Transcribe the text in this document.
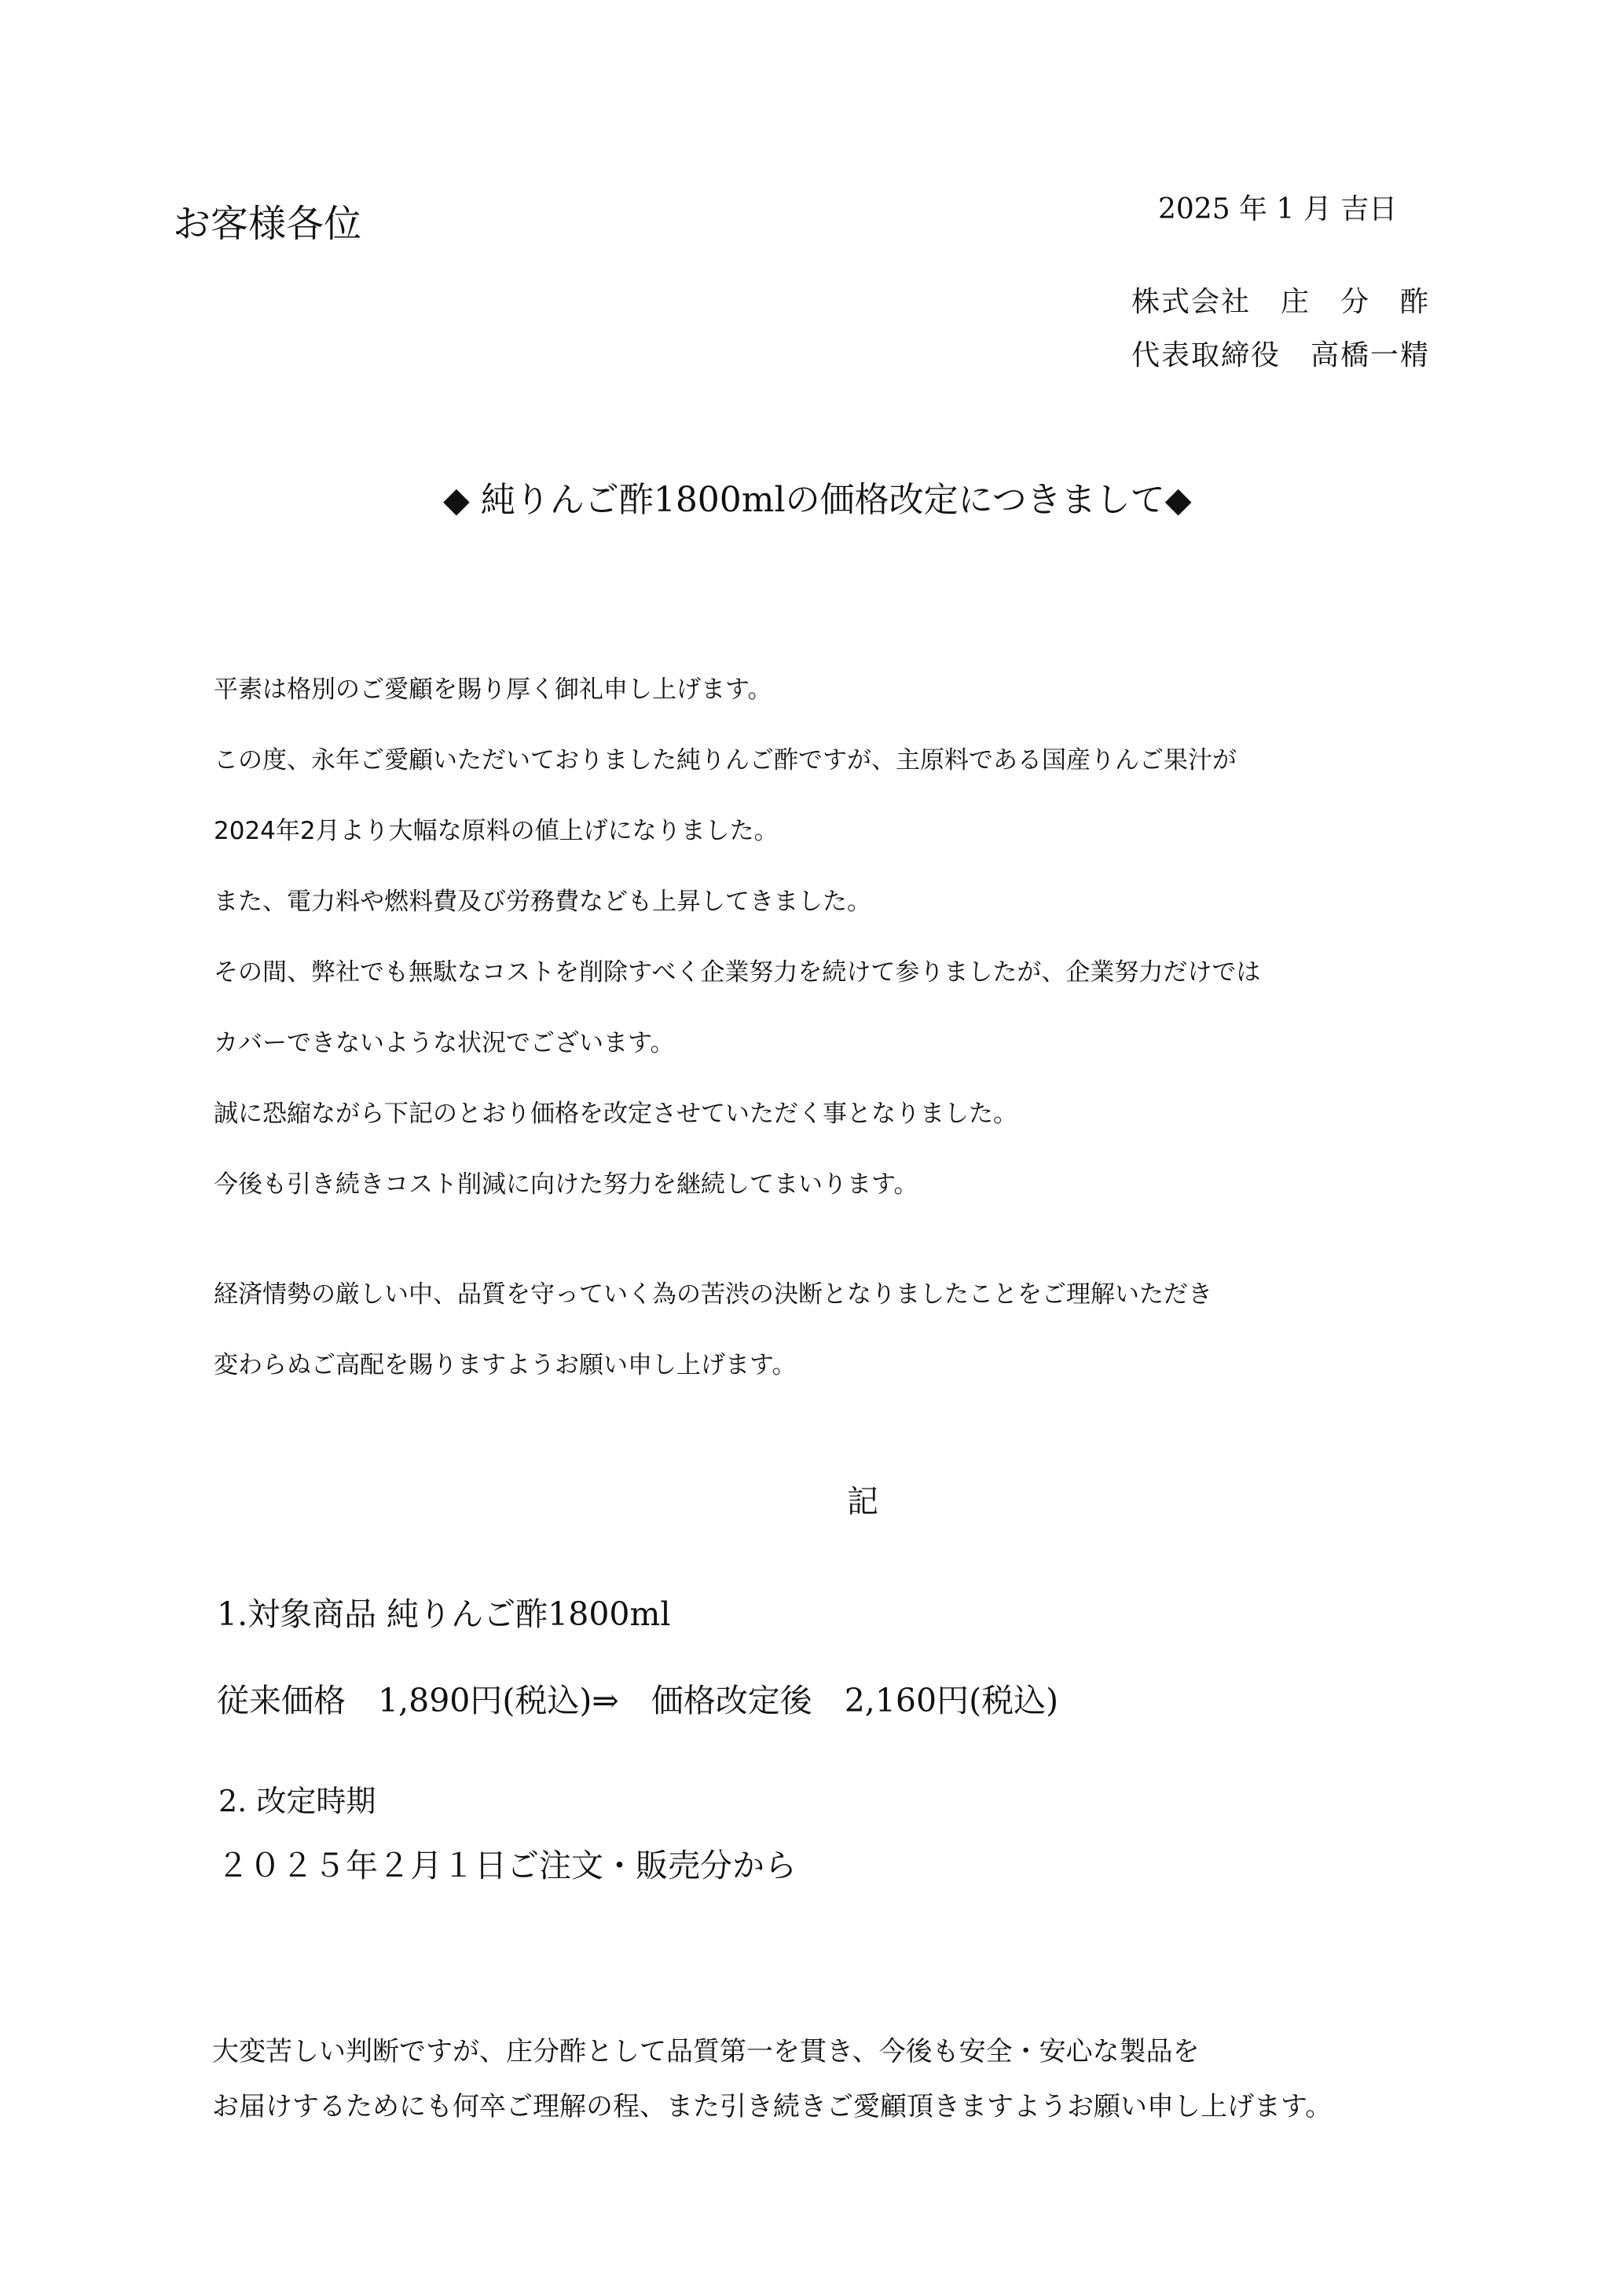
お客様各位	2025 年 1 月 吉日
株式会社　庄　分　酢
代表取締役　高橋一精
◆ 純りんご酢1800mlの価格改定につきまして◆
平素は格別のご愛顧を賜り厚く御礼申し上げます。
この度、永年ご愛顧いただいておりました純りんご酢ですが、主原料である国産りんご果汁が
2024年2月より大幅な原料の値上げになりました。
また、電力料や燃料費及び労務費なども上昇してきました。
その間、弊社でも無駄なコストを削除すべく企業努力を続けて参りましたが、企業努力だけでは
カバーできないような状況でございます。
誠に恐縮ながら下記のとおり価格を改定させていただく事となりました。
今後も引き続きコスト削減に向けた努力を継続してまいります。
経済情勢の厳しい中、品質を守っていく為の苦渋の決断となりましたことをご理解いただき
変わらぬご高配を賜りますようお願い申し上げます。
記
1.対象商品 純りんご酢1800ml
従来価格　1,890円(税込)⇒　価格改定後　2,160円(税込)
2. 改定時期
２０２５年２月１日ご注文・販売分から
大変苦しい判断ですが、庄分酢として品質第一を貫き、今後も安全・安心な製品を
お届けするためにも何卒ご理解の程、また引き続きご愛顧頂きますようお願い申し上げます。
